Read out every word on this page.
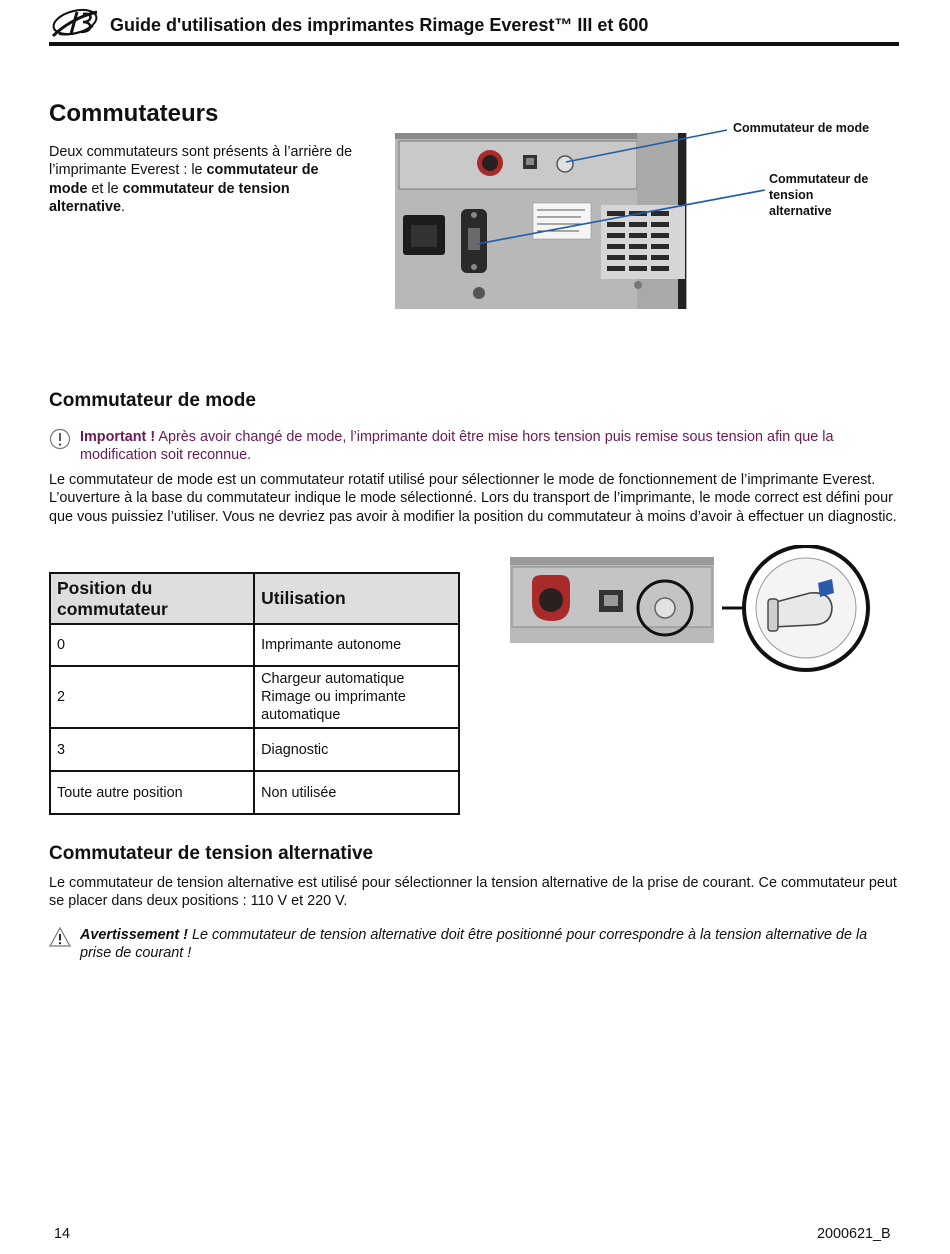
Guide d'utilisation des imprimantes Rimage Everest™ III et 600
Commutateurs
Deux commutateurs sont présents à l’arrière de l’imprimante Everest : le commutateur de mode et le commutateur de tension alternative.
Commutateur de mode
Commutateur de tension alternative
Commutateur de mode
Important ! Après avoir changé de mode, l’imprimante doit être mise hors tension puis remise sous tension afin que la modification soit reconnue.
Le commutateur de mode est un commutateur rotatif utilisé pour sélectionner le mode de fonctionnement de l’imprimante Everest. L’ouverture à la base du commutateur indique le mode sélectionné. Lors du transport de l’imprimante, le mode correct est défini pour que vous puissiez l’utiliser. Vous ne devriez pas avoir à modifier la position du commutateur à moins d’avoir à effectuer un diagnostic.
Position du commutateur	Utilisation
0	Imprimante autonome
2	Chargeur automatique Rimage ou imprimante automatique
3	Diagnostic
Toute autre position	Non utilisée
Commutateur de tension alternative
Le commutateur de tension alternative est utilisé pour sélectionner la tension alternative de la prise de courant. Ce commutateur peut se placer dans deux positions : 110 V et 220 V.
Avertissement ! Le commutateur de tension alternative doit être positionné pour correspondre à la tension alternative de la prise de courant !
14	2000621_B
